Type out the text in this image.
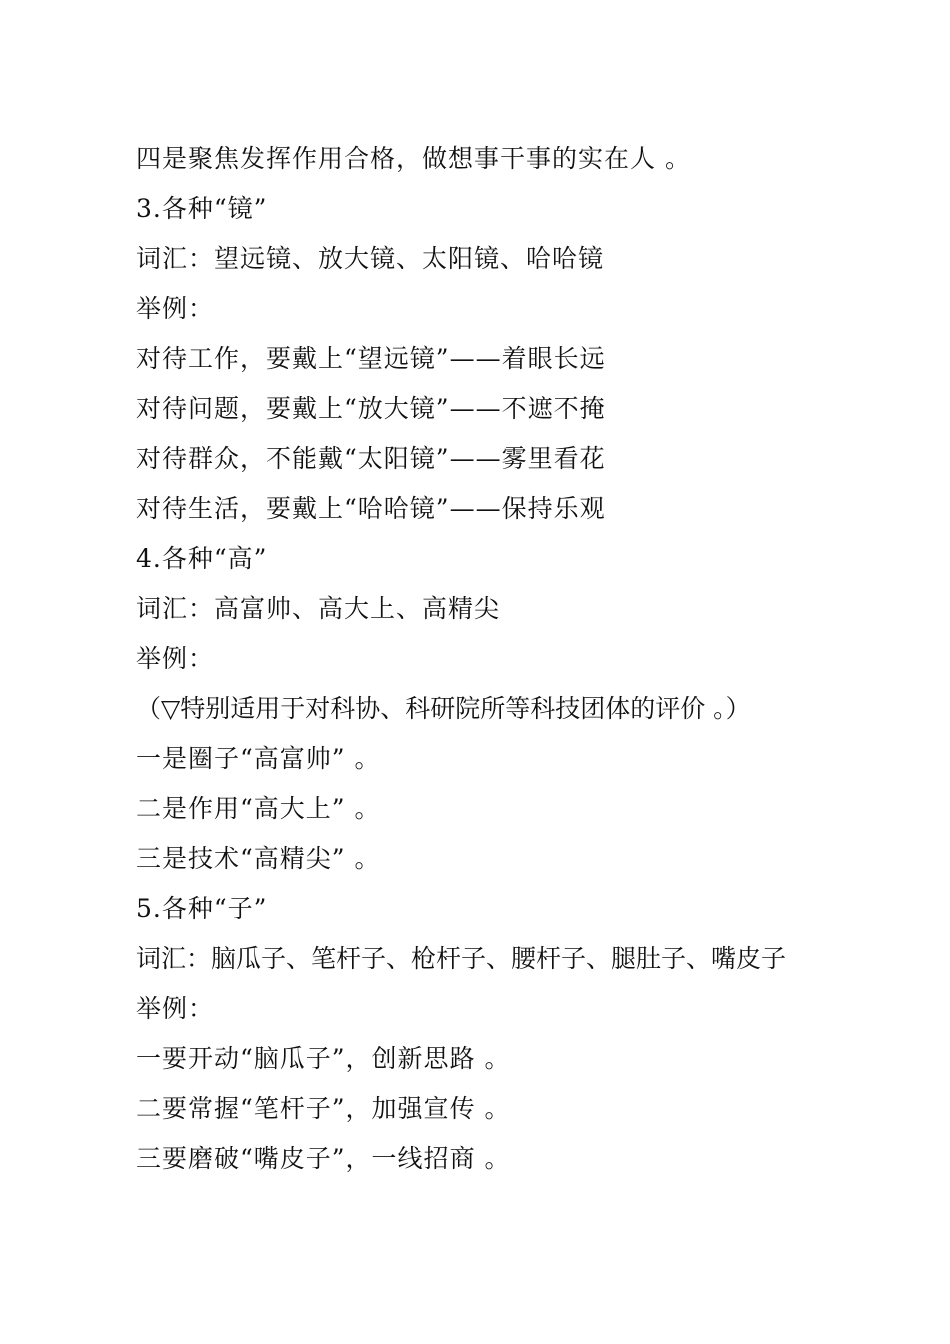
四是聚焦发挥作用合格，做想事干事的实在人 。
3.各种“镜”
词汇：望远镜、放大镜、太阳镜、哈哈镜
举例：
对待工作，要戴上“望远镜”——着眼长远
对待问题，要戴上“放大镜”——不遮不掩
对待群众，不能戴“太阳镜”——雾里看花
对待生活，要戴上“哈哈镜”——保持乐观
4.各种“高”
词汇：高富帅、高大上、高精尖
举例：
（▽特别适用于对科协、科研院所等科技团体的评价 。）
一是圈子“高富帅” 。
二是作用“高大上” 。
三是技术“高精尖” 。
5.各种“子”
词汇：脑瓜子、笔杆子、枪杆子、腰杆子、腿肚子、嘴皮子
举例：
一要开动“脑瓜子”，创新思路 。
二要常握“笔杆子”，加强宣传 。
三要磨破“嘴皮子”，一线招商 。
